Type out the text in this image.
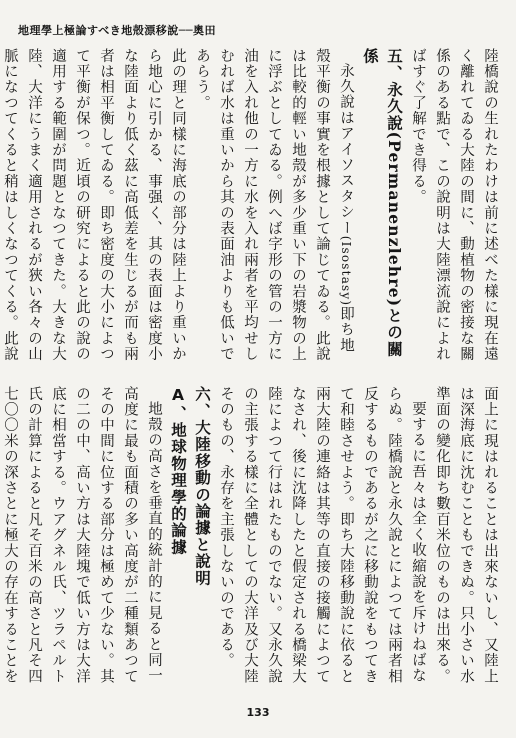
地理學上極論すべき地殻漂移說──奧田

陸橋說の生れたわけは前に述べた樣に現在遠く離れてゐる大陸の間に、動植物の密接な關係のある點で、この說明は大陸漂流說によればすぐ了解でき得る。

五、永久說(Permanenzlehre)との關係

永久說はアイソスタシー(Isostasy)即ち地殼平衡の事實を根據として論じてゐる。此說は比較的輕い地殼が多少重い下の岩漿物の上に浮ぶとしてゐる。例へば字形の管の一方に油を入れ他の一方に水を入れ兩者を平均せしむれば水は重いから其の表面油よりも低いであらう。

此の理と同樣に海底の部分は陸上より重いから地心に引かる、事强く、其の表面は密度小な陸面より低く茲に高低差を生じるが而も兩者は相平衡してゐる。即ち密度の大小によつて平衡が保つ。近頃の研究によると此の說の適用する範圍が問題となつてきた。大きな大陸、大洋にうまく適用されるが狹い各々の山脈になつてくると稍はしくなつてくる。此說

面上に現はれることは出來ないし、又陸上は深海底に沈むこともできぬ。只小さい水準面の變化即ち數百米位のものは出來る。

要するに吾々は全く收縮說を斥けねばならぬ。陸橋說と永久說とによつては兩者相反するものであるが之に移動說をもつてきて和睦させよう。即ち大陸移動說に依ると兩大陸の連絡は其等の直接の接觸によつてなされ、後に沈降したと假定される橋梁大陸によつて行はれたものでない。又永久說の主張する樣に全體としての大洋及び大陸そのもの、永存を主張しないのである。

六、大陸移動の論據と說明

A、地球物理學的論據

地殼の高さを垂直的統計的に見ると同一高度に最も面積の多い高度が二種類あつてその中間に位する部分は極めて少ない。其の二の中、高い方は大陸塊で低い方は大洋底に相當する。ウアグネル氏、ツラペルト氏の計算によると凡そ百米の高さと凡そ四七〇〇米の深さとに極大の存在することを

133
